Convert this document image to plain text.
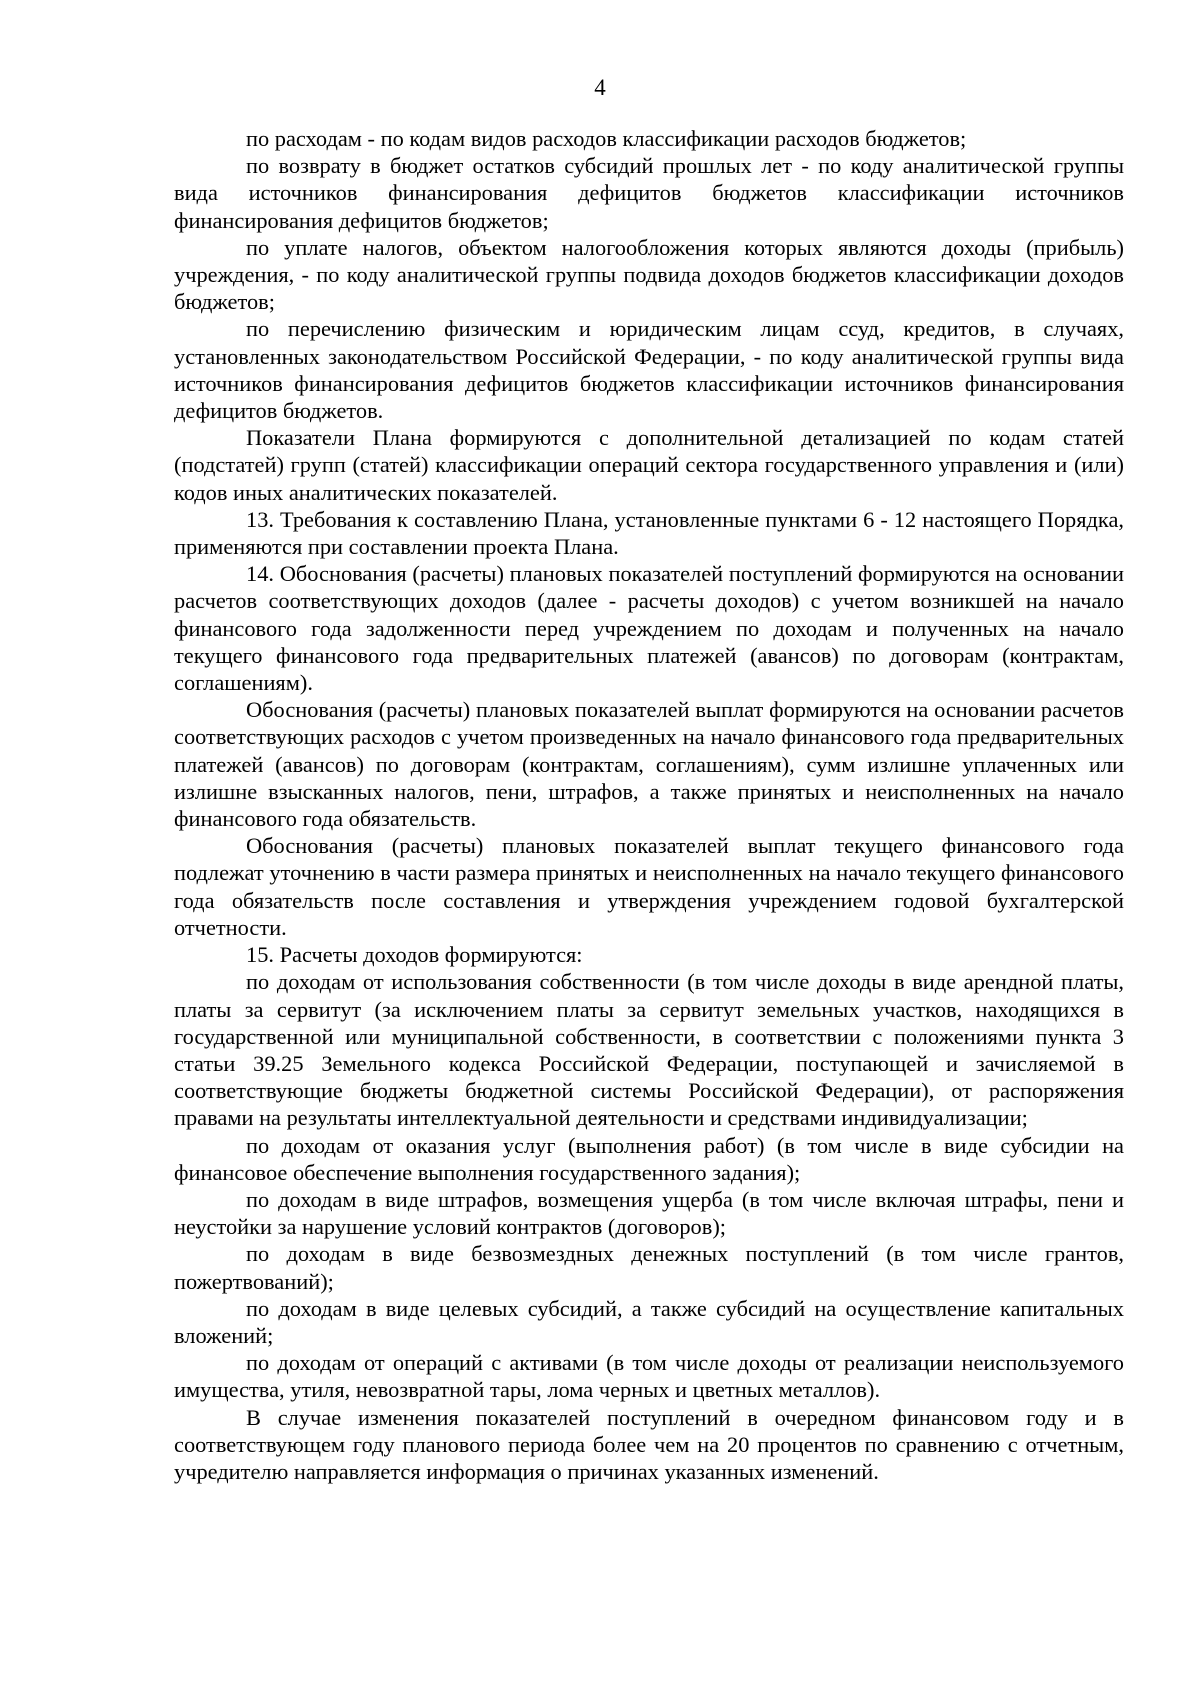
4

по расходам - по кодам видов расходов классификации расходов бюджетов;

по возврату в бюджет остатков субсидий прошлых лет - по коду аналитической группы вида источников финансирования дефицитов бюджетов классификации источников финансирования дефицитов бюджетов;

по уплате налогов, объектом налогообложения которых являются доходы (прибыль) учреждения, - по коду аналитической группы подвида доходов бюджетов классификации доходов бюджетов;

по перечислению физическим и юридическим лицам ссуд, кредитов, в случаях, установленных законодательством Российской Федерации, - по коду аналитической группы вида источников финансирования дефицитов бюджетов классификации источников финансирования дефицитов бюджетов.

Показатели Плана формируются с дополнительной детализацией по кодам статей (подстатей) групп (статей) классификации операций сектора государственного управления и (или) кодов иных аналитических показателей.

13. Требования к составлению Плана, установленные пунктами 6 - 12 настоящего Порядка, применяются при составлении проекта Плана.

14. Обоснования (расчеты) плановых показателей поступлений формируются на основании расчетов соответствующих доходов (далее - расчеты доходов) с учетом возникшей на начало финансового года задолженности перед учреждением по доходам и полученных на начало текущего финансового года предварительных платежей (авансов) по договорам (контрактам, соглашениям).

Обоснования (расчеты) плановых показателей выплат формируются на основании расчетов соответствующих расходов с учетом произведенных на начало финансового года предварительных платежей (авансов) по договорам (контрактам, соглашениям), сумм излишне уплаченных или излишне взысканных налогов, пени, штрафов, а также принятых и неисполненных на начало финансового года обязательств.

Обоснования (расчеты) плановых показателей выплат текущего финансового года подлежат уточнению в части размера принятых и неисполненных на начало текущего финансового года обязательств после составления и утверждения учреждением годовой бухгалтерской отчетности.

15. Расчеты доходов формируются:

по доходам от использования собственности (в том числе доходы в виде арендной платы, платы за сервитут (за исключением платы за сервитут земельных участков, находящихся в государственной или муниципальной собственности, в соответствии с положениями пункта 3 статьи 39.25 Земельного кодекса Российской Федерации, поступающей и зачисляемой в соответствующие бюджеты бюджетной системы Российской Федерации), от распоряжения правами на результаты интеллектуальной деятельности и средствами индивидуализации;

по доходам от оказания услуг (выполнения работ) (в том числе в виде субсидии на финансовое обеспечение выполнения государственного задания);

по доходам в виде штрафов, возмещения ущерба (в том числе включая штрафы, пени и неустойки за нарушение условий контрактов (договоров);

по доходам в виде безвозмездных денежных поступлений (в том числе грантов, пожертвований);

по доходам в виде целевых субсидий, а также субсидий на осуществление капитальных вложений;

по доходам от операций с активами (в том числе доходы от реализации неиспользуемого имущества, утиля, невозвратной тары, лома черных и цветных металлов).

В случае изменения показателей поступлений в очередном финансовом году и в соответствующем году планового периода более чем на 20 процентов по сравнению с отчетным, учредителю направляется информация о причинах указанных изменений.
